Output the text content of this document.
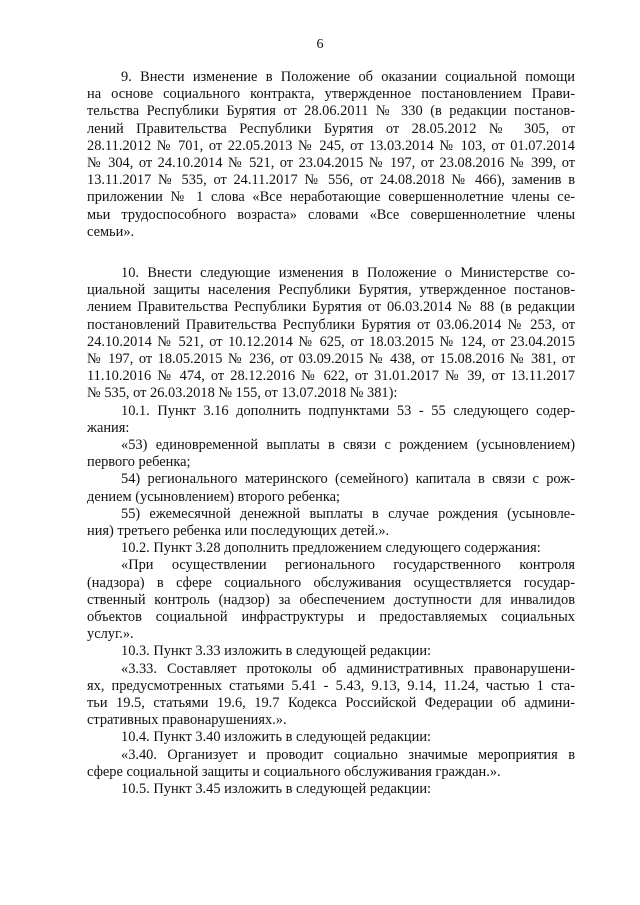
6
9. Внести изменение в Положение об оказании социальной помощи
на основе социального контракта, утвержденное постановлением Прави-
тельства Республики Бурятия от 28.06.2011 № 330 (в редакции постанов-
лений Правительства Республики Бурятия от 28.05.2012 № 305, от
28.11.2012 № 701, от 22.05.2013 № 245, от 13.03.2014 № 103, от 01.07.2014
№ 304, от 24.10.2014 № 521, от 23.04.2015 № 197, от 23.08.2016 № 399, от
13.11.2017 № 535, от 24.11.2017 № 556, от 24.08.2018 № 466), заменив в
приложении № 1 слова «Все неработающие совершеннолетние члены се-
мьи трудоспособного возраста» словами «Все совершеннолетние члены
семьи».
10. Внести следующие изменения в Положение о Министерстве со-
циальной защиты населения Республики Бурятия, утвержденное постанов-
лением Правительства Республики Бурятия от 06.03.2014 № 88 (в редакции
постановлений Правительства Республики Бурятия от 03.06.2014 № 253, от
24.10.2014 № 521, от 10.12.2014 № 625, от 18.03.2015 № 124, от 23.04.2015
№ 197, от 18.05.2015 № 236, от 03.09.2015 № 438, от 15.08.2016 № 381, от
11.10.2016 № 474, от 28.12.2016 № 622, от 31.01.2017 № 39, от 13.11.2017
№ 535, от 26.03.2018 № 155, от 13.07.2018 № 381):
10.1. Пункт 3.16 дополнить подпунктами 53 - 55 следующего содер-
жания:
«53) единовременной выплаты в связи с рождением (усыновлением)
первого ребенка;
54) регионального материнского (семейного) капитала в связи с рож-
дением (усыновлением) второго ребенка;
55) ежемесячной денежной выплаты в случае рождения (усыновле-
ния) третьего ребенка или последующих детей.».
10.2. Пункт 3.28 дополнить предложением следующего содержания:
«При осуществлении регионального государственного контроля
(надзора) в сфере социального обслуживания осуществляется государ-
ственный контроль (надзор) за обеспечением доступности для инвалидов
объектов социальной инфраструктуры и предоставляемых социальных
услуг.».
10.3. Пункт 3.33 изложить в следующей редакции:
«3.33. Составляет протоколы об административных правонарушени-
ях, предусмотренных статьями 5.41 - 5.43, 9.13, 9.14, 11.24, частью 1 ста-
тьи 19.5, статьями 19.6, 19.7 Кодекса Российской Федерации об админи-
стративных правонарушениях.».
10.4. Пункт 3.40 изложить в следующей редакции:
«3.40. Организует и проводит социально значимые мероприятия в
сфере социальной защиты и социального обслуживания граждан.».
10.5. Пункт 3.45 изложить в следующей редакции:
